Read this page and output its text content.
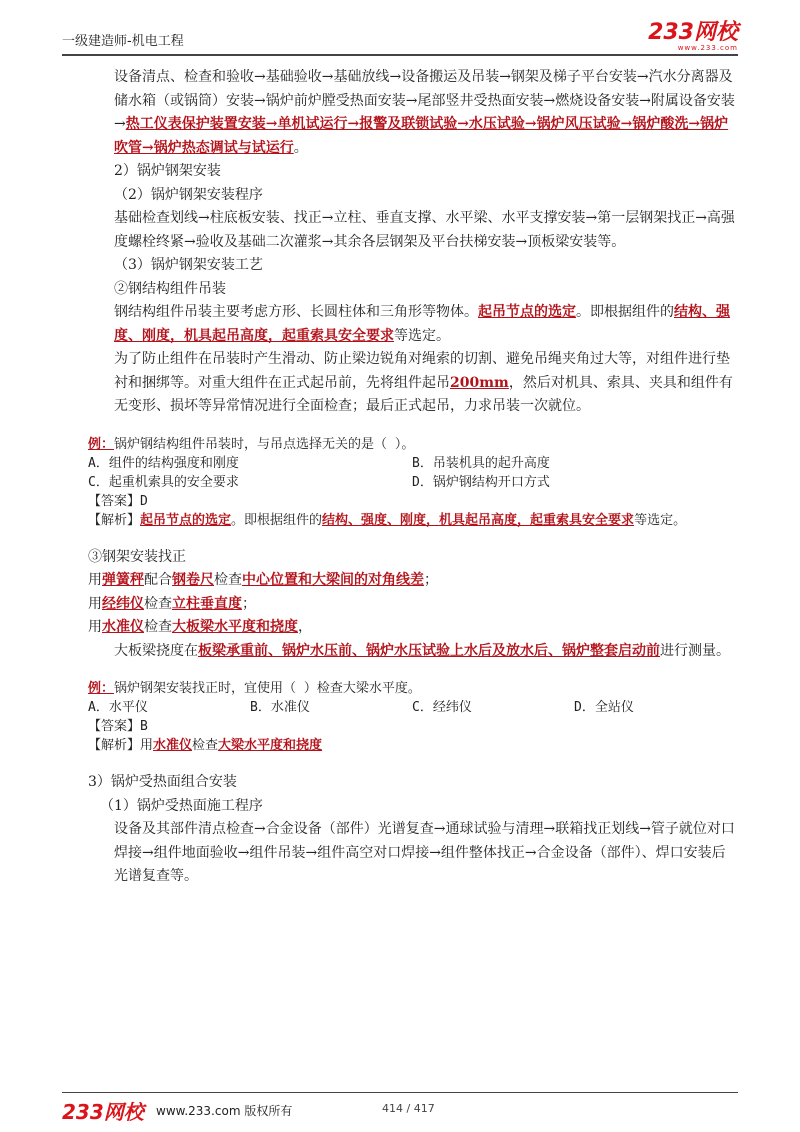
一级建造师-机电工程	233网校
www.233.com

设备清点、检查和验收→基础验收→基础放线→设备搬运及吊装→钢架及梯子平台安装→汽水分离器及储水箱（或锅筒）安装→锅炉前炉膛受热面安装→尾部竖井受热面安装→燃烧设备安装→附属设备安装→热工仪表保护装置安装→单机试运行→报警及联锁试验→水压试验→锅炉风压试验→锅炉酸洗→锅炉吹管→锅炉热态调试与试运行。

2）锅炉钢架安装

（2）锅炉钢架安装程序

基础检查划线→柱底板安装、找正→立柱、垂直支撑、水平梁、水平支撑安装→第一层钢架找正→高强度螺栓终紧→验收及基础二次灌浆→其余各层钢架及平台扶梯安装→顶板梁安装等。

（3）锅炉钢架安装工艺

②钢结构组件吊装

钢结构组件吊装主要考虑方形、长圆柱体和三角形等物体。起吊节点的选定。即根据组件的结构、强度、刚度，机具起吊高度，起重索具安全要求等选定。

为了防止组件在吊装时产生滑动、防止梁边锐角对绳索的切割、避免吊绳夹角过大等，对组件进行垫衬和捆绑等。对重大组件在正式起吊前，先将组件起吊200mm，然后对机具、索具、夹具和组件有无变形、损坏等异常情况进行全面检查；最后正式起吊，力求吊装一次就位。

例：锅炉钢结构组件吊装时，与吊点选择无关的是（ ）。
A．组件的结构强度和刚度	B．吊装机具的起升高度
C．起重机索具的安全要求	D．锅炉钢结构开口方式
【答案】D
【解析】起吊节点的选定。即根据组件的结构、强度、刚度，机具起吊高度，起重索具安全要求等选定。

③钢架安装找正

用弹簧秤配合钢卷尺检查中心位置和大梁间的对角线差；

用经纬仪检查立柱垂直度；

用水准仪检查大板梁水平度和挠度，

大板梁挠度在板梁承重前、锅炉水压前、锅炉水压试验上水后及放水后、锅炉整套启动前进行测量。

例：锅炉钢架安装找正时，宜使用（ ）检查大梁水平度。
A．水平仪	B．水准仪	C．经纬仪	D．全站仪
【答案】B
【解析】用水准仪检查大梁水平度和挠度

3）锅炉受热面组合安装

（1）锅炉受热面施工程序

设备及其部件清点检查→合金设备（部件）光谱复查→通球试验与清理→联箱找正划线→管子就位对口焊接→组件地面验收→组件吊装→组件高空对口焊接→组件整体找正→合金设备（部件）、焊口安装后光谱复查等。

233网校 www.233.com 版权所有	414 / 417
